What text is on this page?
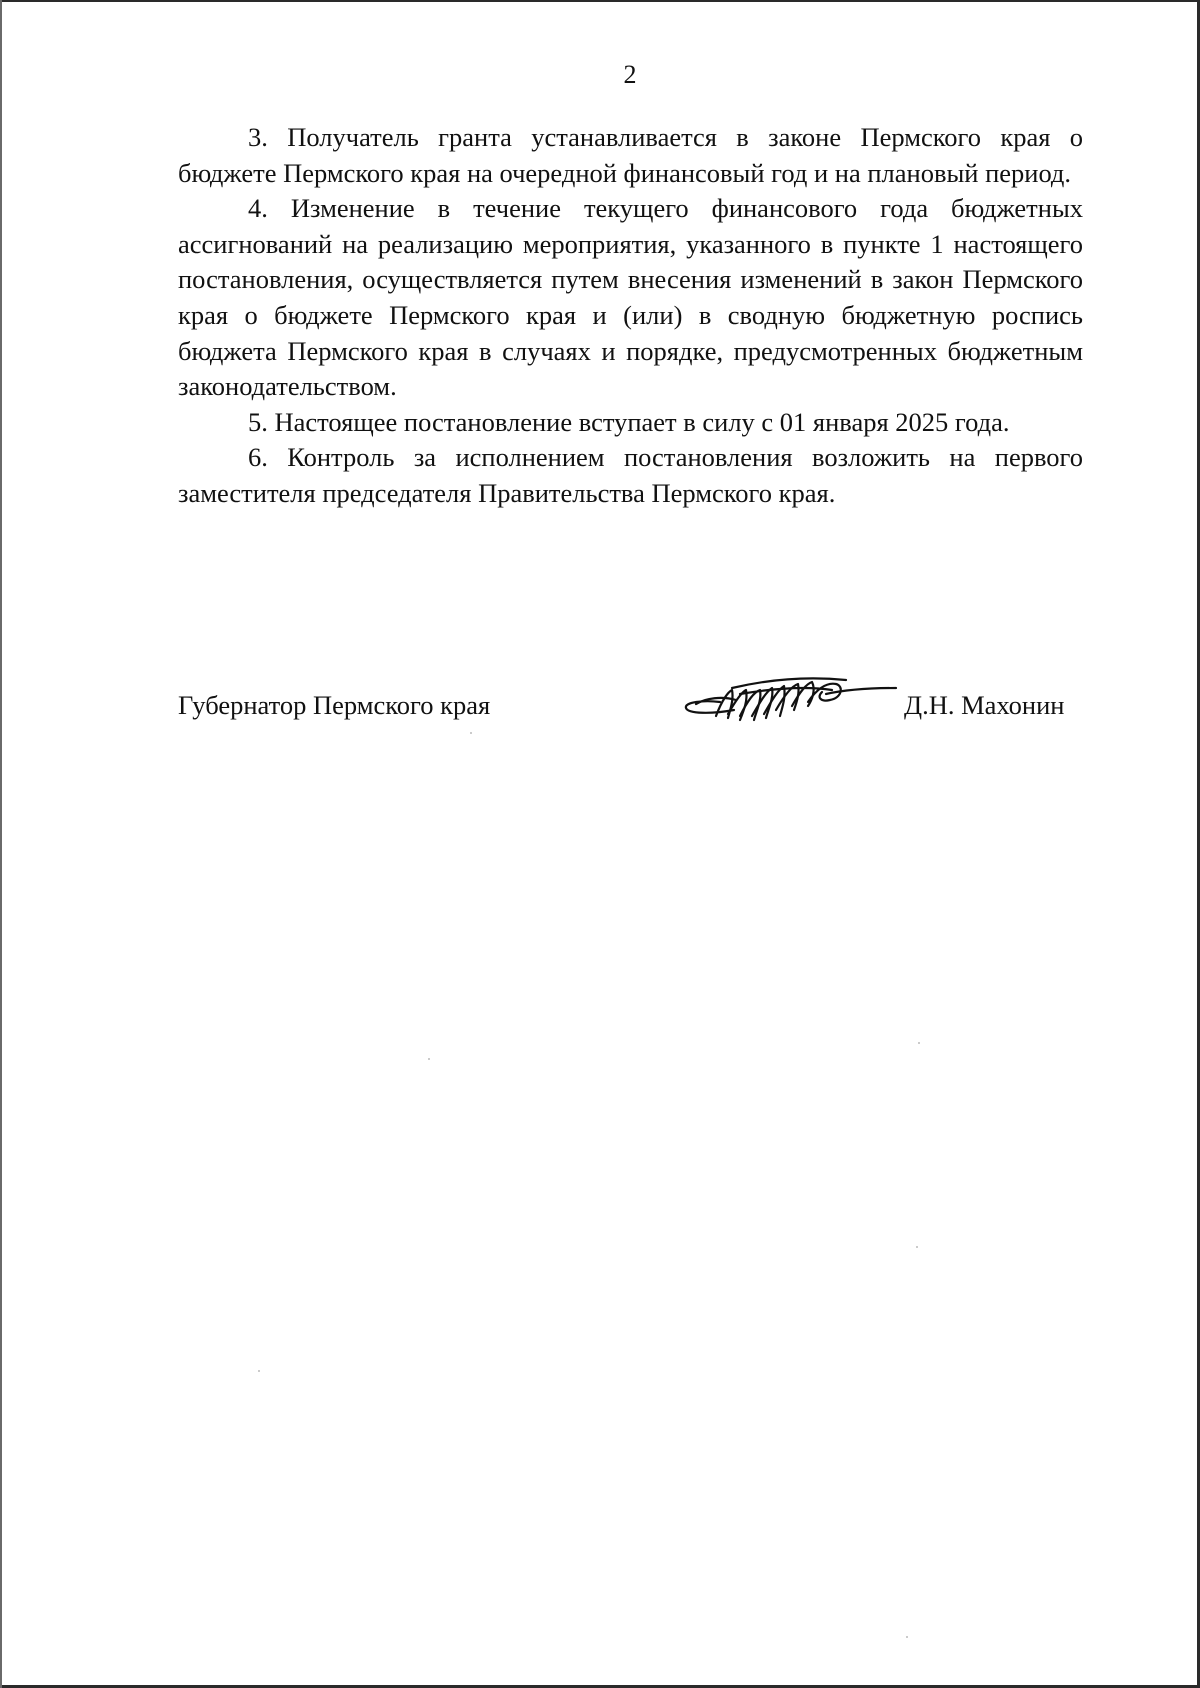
2

3. Получатель гранта устанавливается в законе Пермского края о бюджете Пермского края на очередной финансовый год и на плановый период.

4. Изменение в течение текущего финансового года бюджетных ассигнований на реализацию мероприятия, указанного в пункте 1 настоящего постановления, осуществляется путем внесения изменений в закон Пермского края о бюджете Пермского края и (или) в сводную бюджетную роспись бюджета Пермского края в случаях и порядке, предусмотренных бюджетным законодательством.

5. Настоящее постановление вступает в силу с 01 января 2025 года.

6. Контроль за исполнением постановления возложить на первого заместителя председателя Правительства Пермского края.

Губернатор Пермского края	Д.Н. Махонин
